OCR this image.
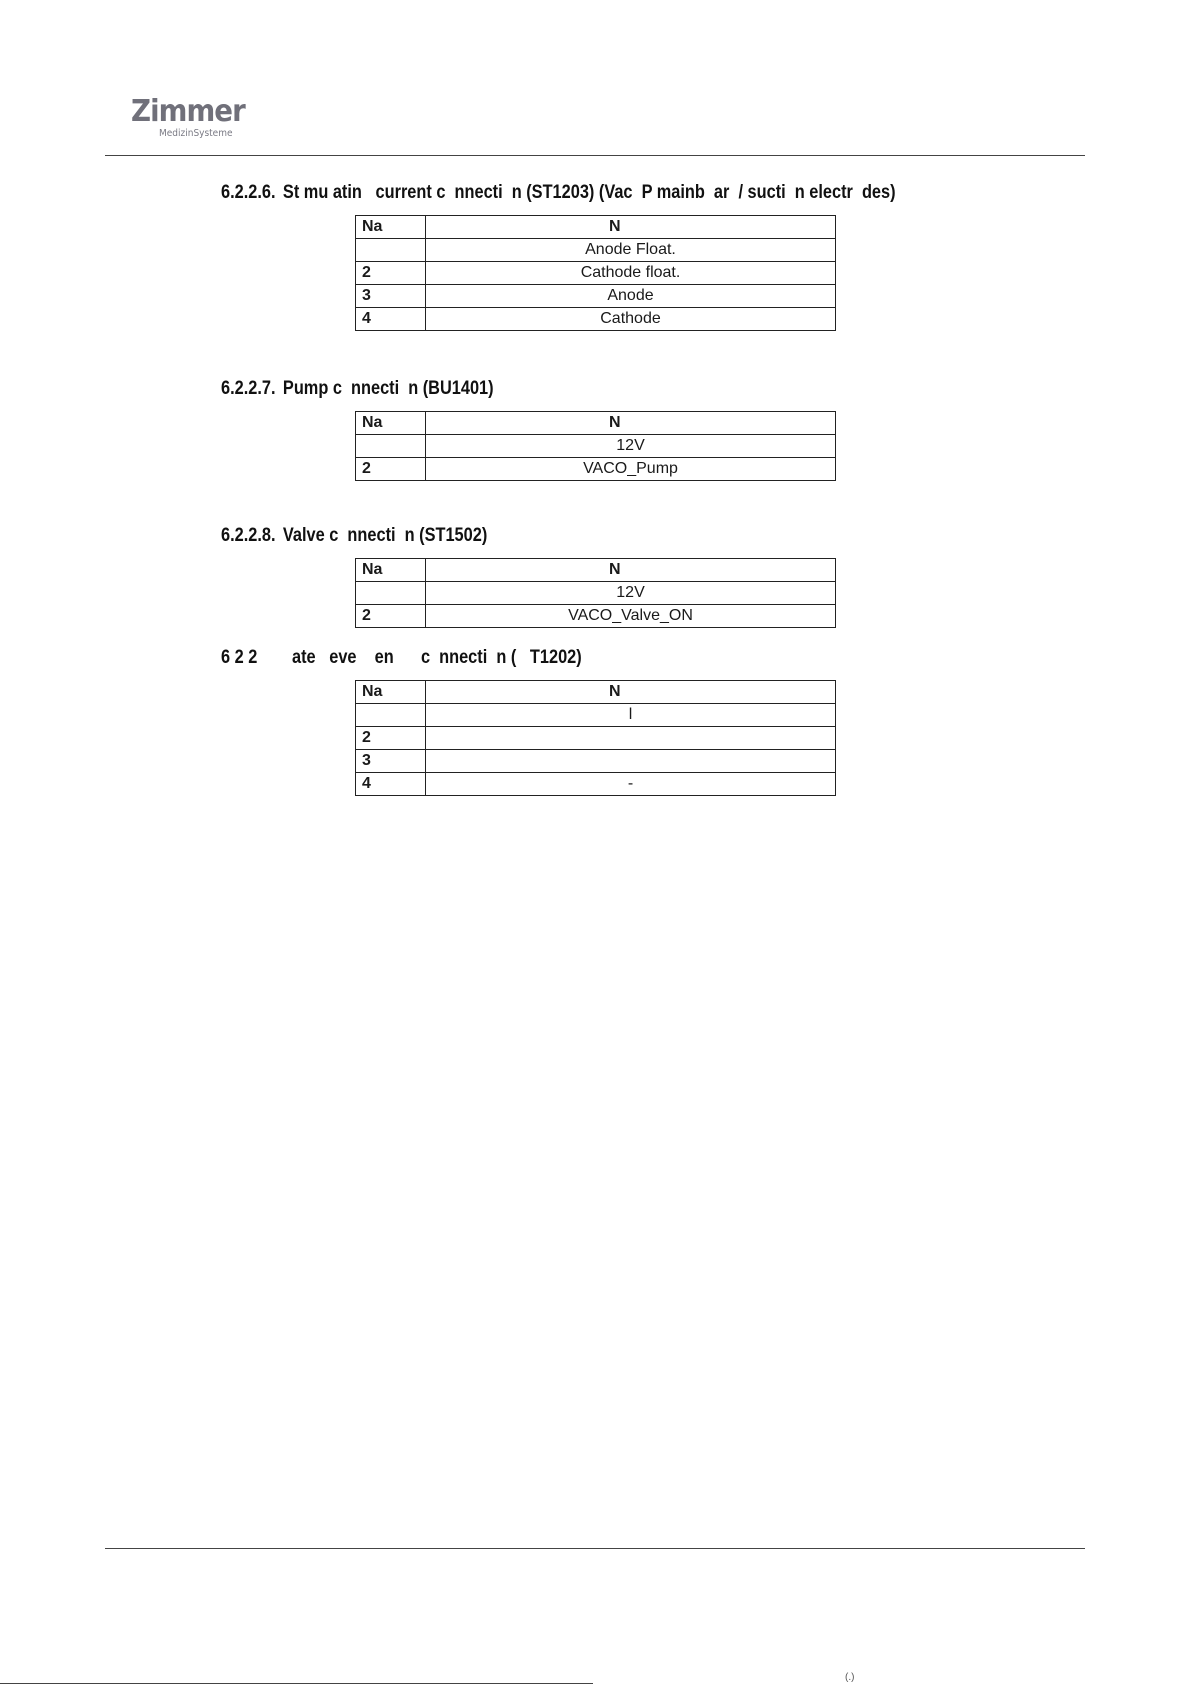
Zimmer
MedizinSysteme
6.2.2.6. St mu atin   current c  nnecti  n (ST1203) (Vac  P mainb  ar  / sucti  n electr  des)
Na	N
	Anode Float.
2	Cathode float.
3	Anode
4	Cathode
6.2.2.7. Pump c  nnecti  n (BU1401)
Na	N
	12V
2	VACO_Pump
6.2.2.8. Valve c  nnecti  n (ST1502)
Na	N
	12V
2	VACO_Valve_ON
6 2 2  ate   eve    en      c  nnecti  n (   T1202)
Na	N
	l
2	
3	
4	-
(.)
